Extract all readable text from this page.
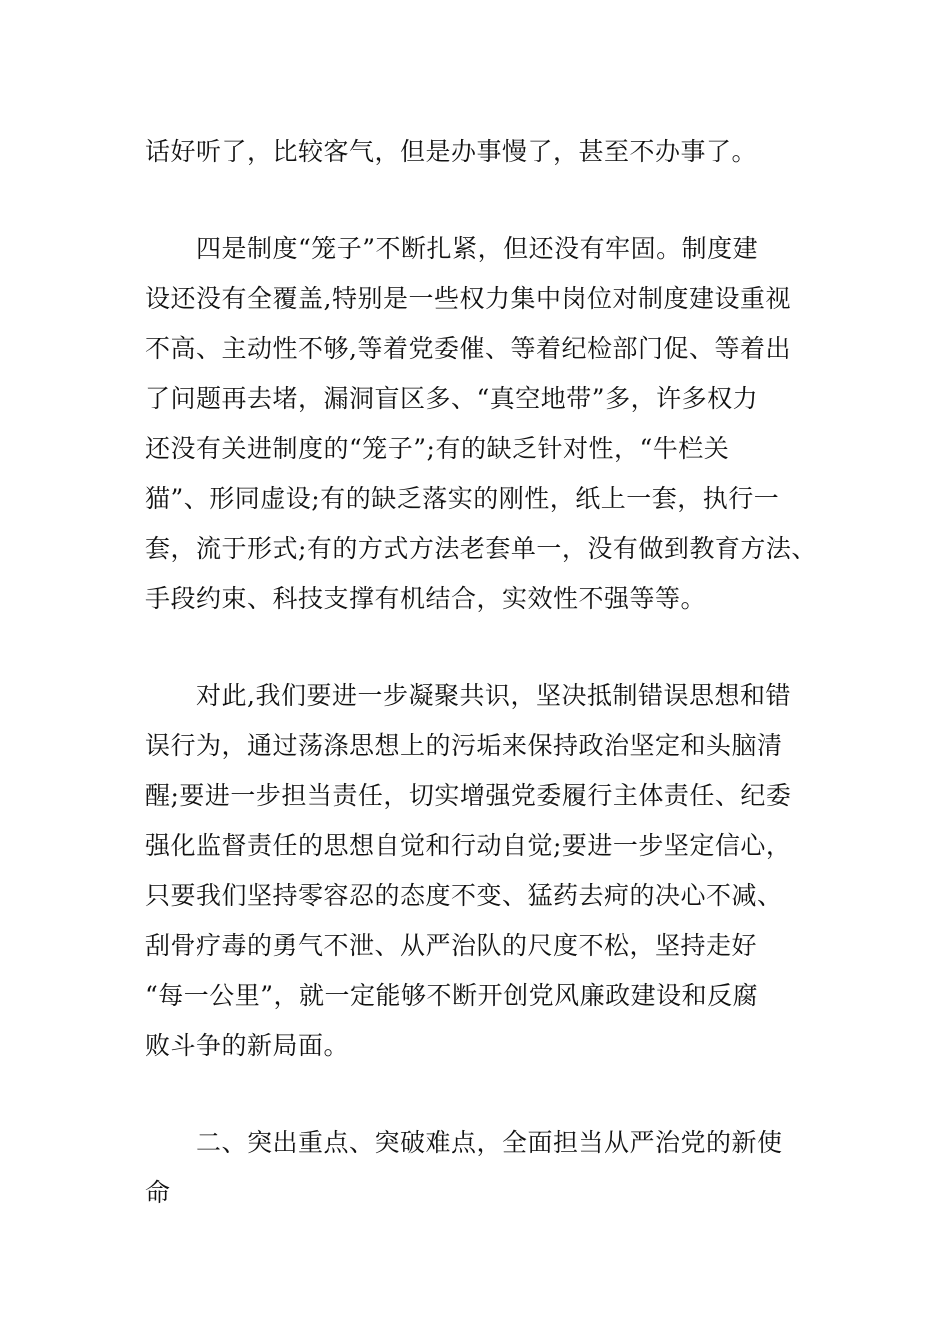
话好听了，比较客气，但是办事慢了，甚至不办事了。
　　四是制度“笼子”不断扎紧，但还没有牢固。制度建
设还没有全覆盖,特别是一些权力集中岗位对制度建设重视
不高、主动性不够,等着党委催、等着纪检部门促、等着出
了问题再去堵，漏洞盲区多、“真空地带”多，许多权力
还没有关进制度的“笼子”;有的缺乏针对性，“牛栏关
猫”、形同虚设;有的缺乏落实的刚性，纸上一套，执行一
套，流于形式;有的方式方法老套单一，没有做到教育方法、
手段约束、科技支撑有机结合，实效性不强等等。
　　对此,我们要进一步凝聚共识，坚决抵制错误思想和错
误行为，通过荡涤思想上的污垢来保持政治坚定和头脑清
醒;要进一步担当责任，切实增强党委履行主体责任、纪委
强化监督责任的思想自觉和行动自觉;要进一步坚定信心，
只要我们坚持零容忍的态度不变、猛药去疴的决心不减、
刮骨疗毒的勇气不泄、从严治队的尺度不松，坚持走好
“每一公里”，就一定能够不断开创党风廉政建设和反腐
败斗争的新局面。
　　二、突出重点、突破难点，全面担当从严治党的新使
命
